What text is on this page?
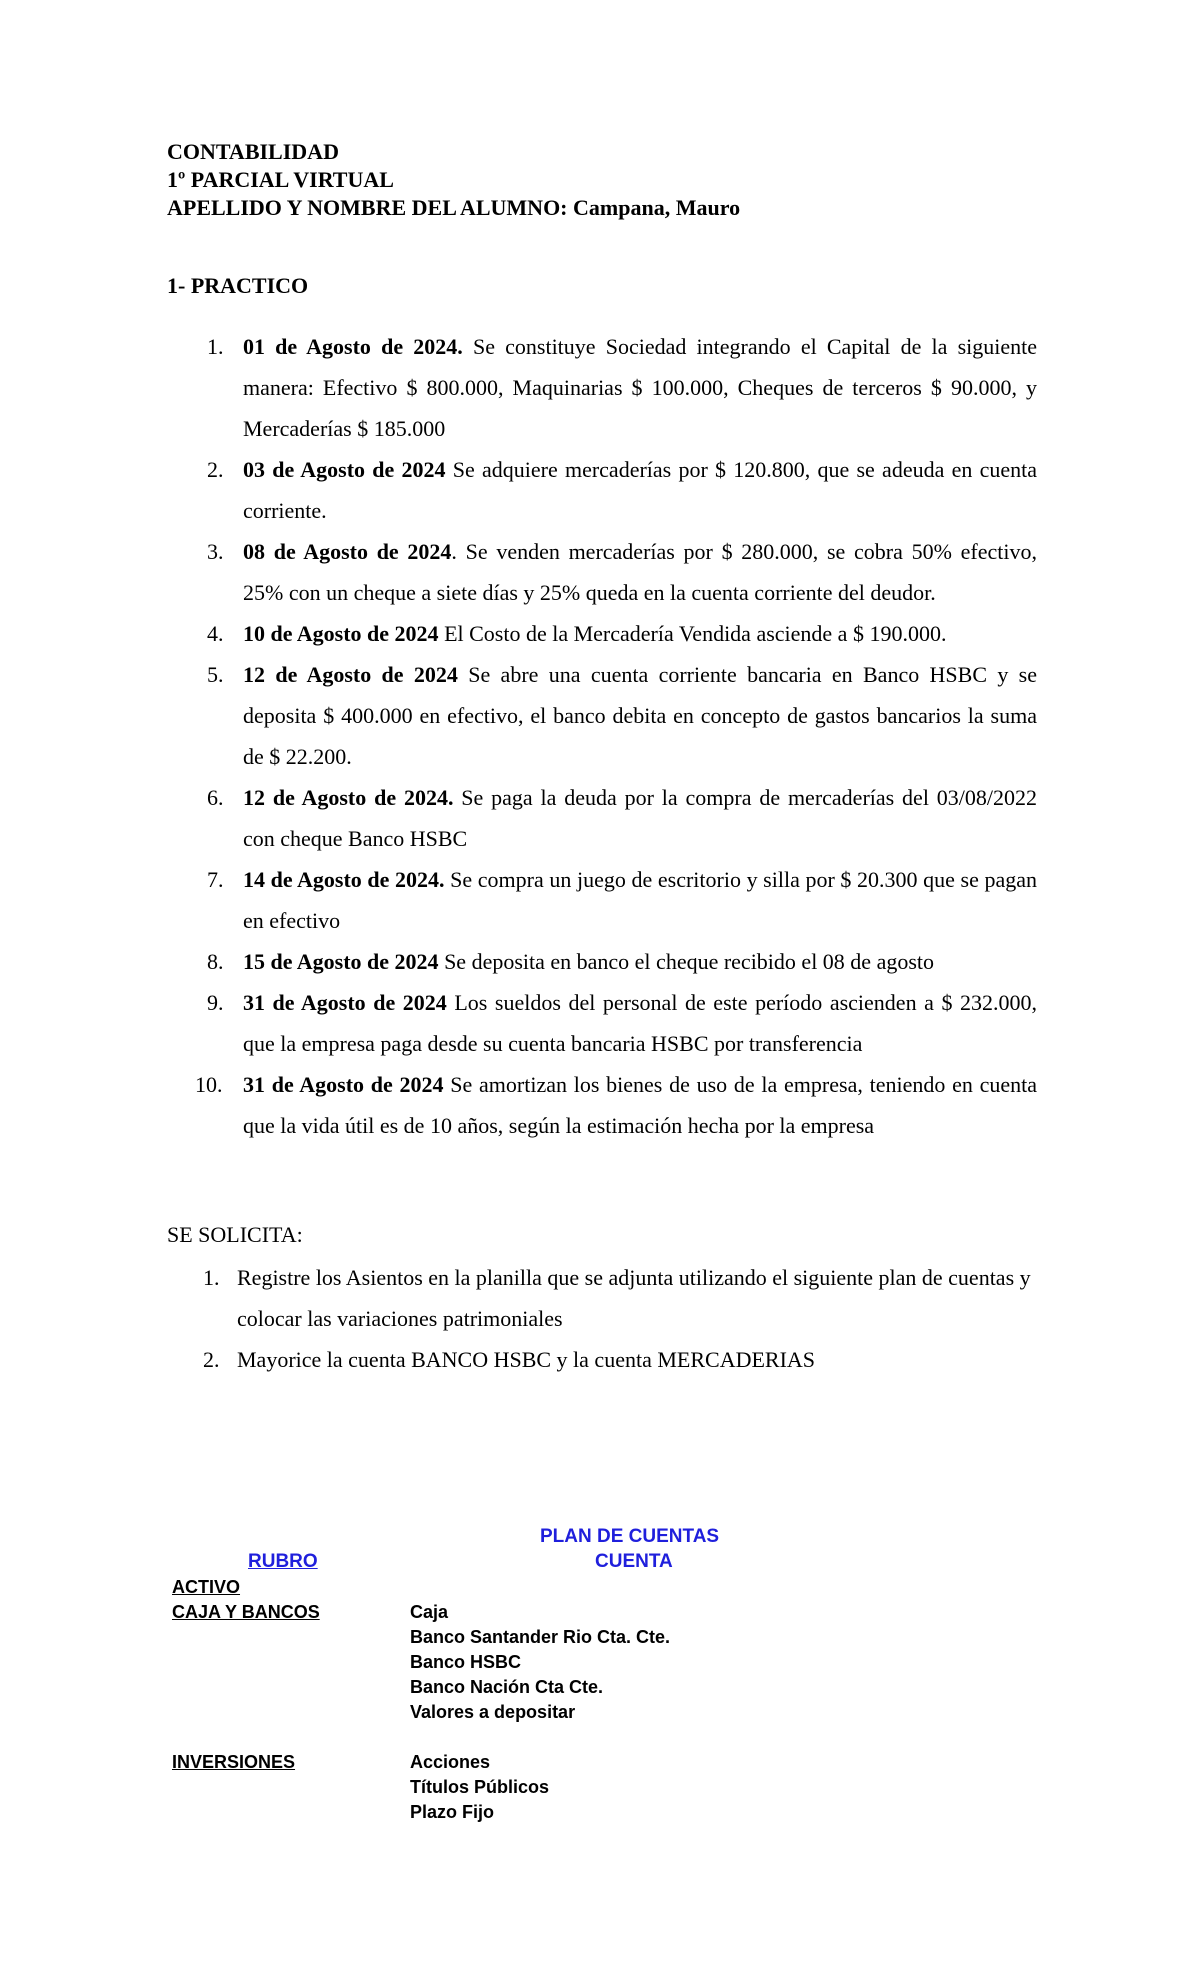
CONTABILIDAD
1º PARCIAL VIRTUAL
APELLIDO Y NOMBRE DEL ALUMNO: Campana, Mauro
1- PRACTICO
1. 01 de Agosto de 2024. Se constituye Sociedad integrando el Capital de la siguiente manera: Efectivo $ 800.000, Maquinarias $ 100.000, Cheques de terceros $ 90.000, y Mercaderías $ 185.000
2. 03 de Agosto de 2024 Se adquiere mercaderías por $ 120.800, que se adeuda en cuenta corriente.
3. 08 de Agosto de 2024. Se venden mercaderías por $ 280.000, se cobra 50% efectivo, 25% con un cheque a siete días y 25% queda en la cuenta corriente del deudor.
4. 10 de Agosto de 2024 El Costo de la Mercadería Vendida asciende a $ 190.000.
5. 12 de Agosto de 2024 Se abre una cuenta corriente bancaria en Banco HSBC y se deposita $ 400.000 en efectivo, el banco debita en concepto de gastos bancarios la suma de $ 22.200.
6. 12 de Agosto de 2024. Se paga la deuda por la compra de mercaderías del 03/08/2022 con cheque Banco HSBC
7. 14 de Agosto de 2024. Se compra un juego de escritorio y silla por $ 20.300 que se pagan en efectivo
8. 15 de Agosto de 2024 Se deposita en banco el cheque recibido el 08 de agosto
9. 31 de Agosto de 2024 Los sueldos del personal de este período ascienden a $ 232.000, que la empresa paga desde su cuenta bancaria HSBC por transferencia
10. 31 de Agosto de 2024 Se amortizan los bienes de uso de la empresa, teniendo en cuenta que la vida útil es de 10 años, según la estimación hecha por la empresa
SE SOLICITA:
1. Registre los Asientos en la planilla que se adjunta utilizando el siguiente plan de cuentas y colocar las variaciones patrimoniales
2. Mayorice la cuenta BANCO HSBC y la cuenta MERCADERIAS
PLAN DE CUENTAS
RUBRO	CUENTA
ACTIVO
CAJA Y BANCOS	Caja
Banco Santander Rio Cta. Cte.
Banco HSBC
Banco Nación Cta Cte.
Valores a depositar
INVERSIONES	Acciones
Títulos Públicos
Plazo Fijo
